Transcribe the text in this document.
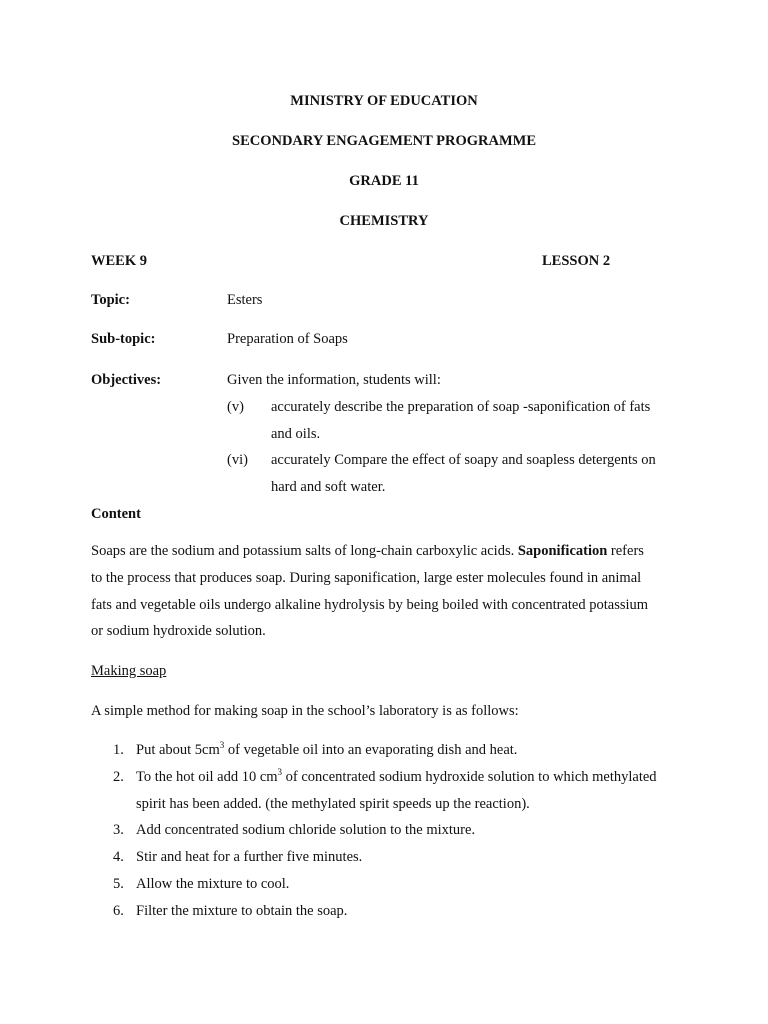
MINISTRY OF EDUCATION
SECONDARY ENGAGEMENT PROGRAMME
GRADE 11
CHEMISTRY
WEEK 9	LESSON 2
Topic:	Esters
Sub-topic:	Preparation of Soaps
Objectives:	Given the information, students will:
(v) accurately describe the preparation of soap -saponification of fats
and oils.
(vi) accurately Compare the effect of soapy and soapless detergents on
hard and soft water.
Content
Soaps are the sodium and potassium salts of long-chain carboxylic acids. Saponification refers
to the process that produces soap. During saponification, large ester molecules found in animal
fats and vegetable oils undergo alkaline hydrolysis by being boiled with concentrated potassium
or sodium hydroxide solution.
Making soap
A simple method for making soap in the school’s laboratory is as follows:
1. Put about $5cm^3$ of vegetable oil into an evaporating dish and heat.
2. To the hot oil add 10 $cm^3$ of concentrated sodium hydroxide solution to which methylated
spirit has been added. (the methylated spirit speeds up the reaction).
3. Add concentrated sodium chloride solution to the mixture.
4. Stir and heat for a further five minutes.
5. Allow the mixture to cool.
6. Filter the mixture to obtain the soap.
